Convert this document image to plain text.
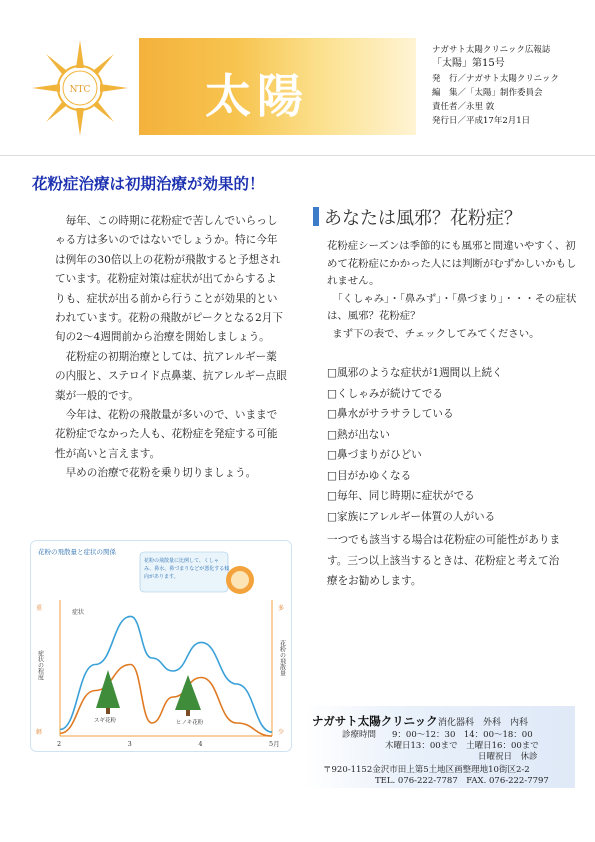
NTC 太陽
ナガサト太陽クリニック広報誌
「太陽」第15号
発　行／ナガサト太陽クリニック
編　集／「太陽」制作委員会
責任者／永里 敦
発行日／平成17年2月1日
花粉症治療は初期治療が効果的！

毎年、この時期に花粉症で苦しんでいらっしゃる方は多いのではないでしょうか。特に今年は例年の30倍以上の花粉が飛散すると予想されています。花粉症対策は症状が出てからするよりも、症状が出る前から行うことが効果的といわれています。花粉の飛散がピークとなる2月下旬の2〜4週間前から治療を開始しましょう。

花粉症の初期治療としては、抗アレルギー薬の内服と、ステロイド点鼻薬、抗アレルギー点眼薬が一般的です。

今年は、花粉の飛散量が多いので、いままで花粉症でなかった人も、花粉症を発症する可能性が高いと言えます。

早めの治療で花粉を乗り切りましょう。

あなたは風邪？花粉症？

花粉症シーズンは季節的にも風邪と間違いやすく、初めて花粉症にかかった人には判断がむずかしいかもしれません。

「くしゃみ」・「鼻みず」・「鼻づまり」・・・その症状は、風邪？花粉症？

まず下の表で、チェックしてみてください。

□風邪のような症状が1週間以上続く
□くしゃみが続けてでる
□鼻水がサラサラしている
□熱が出ない
□鼻づまりがひどい
□目がかゆくなる
□毎年、同じ時期に症状がでる
□家族にアレルギー体質の人がいる
一つでも該当する場合は花粉症の可能性があります。三つ以上該当するときは、花粉症と考えて治療をお勧めします。
花粉の飛散量と症状の関係
花粉の飛散量に比例して、くしゃ み、鼻水、鼻づまりなどが悪化する傾 向があります。
重
軽
多
少
症状の程度	花粉の飛散量
症状
2	3	4	5月
スギ花粉	ヒノキ花粉	ナガサト太陽クリニック 消化器科　外科　内科
診療時間 9：00〜12：30　14：00〜18：00
木曜日13：00まで　土曜日16：00まで
日曜祝日　休診
〒920-1152金沢市田上第5土地区画整理地10街区2-2
TEL. 076-222-7787　FAX. 076-222-7797
